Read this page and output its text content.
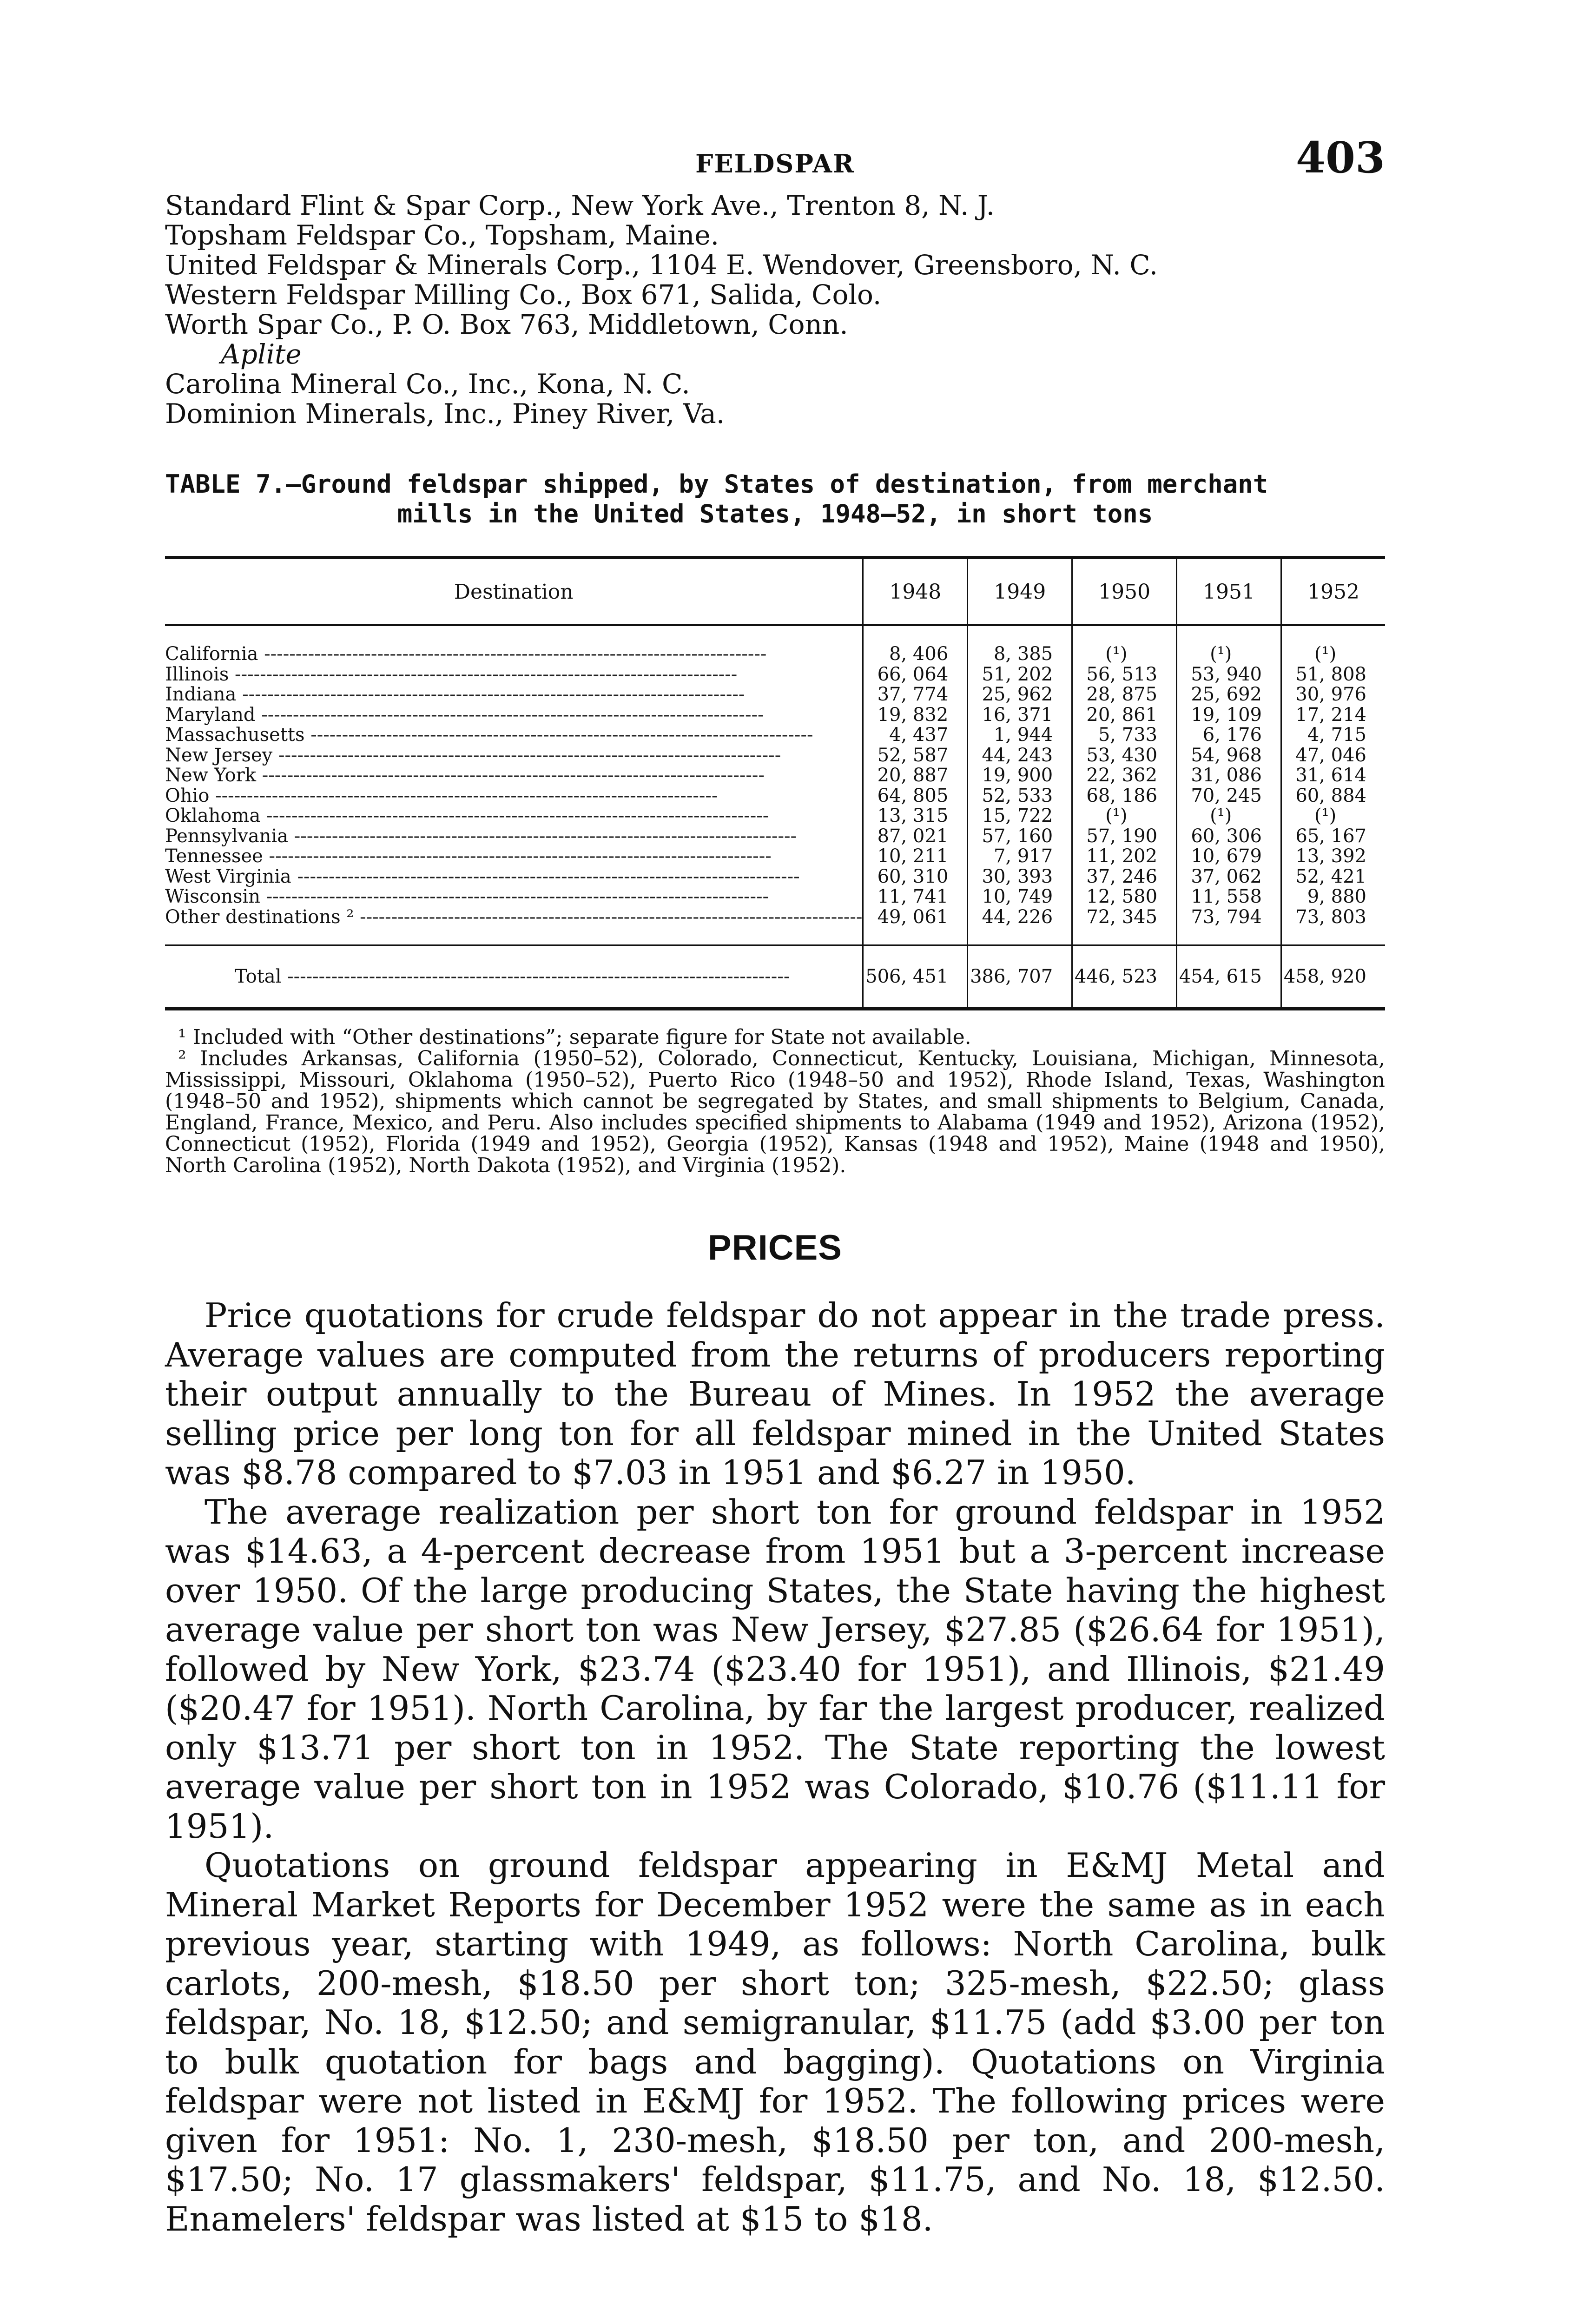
FELDSPAR	403
Standard Flint & Spar Corp., New York Ave., Trenton 8, N. J.
Topsham Feldspar Co., Topsham, Maine.
United Feldspar & Minerals Corp., 1104 E. Wendover, Greensboro, N. C.
Western Feldspar Milling Co., Box 671, Salida, Colo.
Worth Spar Co., P. O. Box 763, Middletown, Conn.
Aplite
Carolina Mineral Co., Inc., Kona, N. C.
Dominion Minerals, Inc., Piney River, Va.
TABLE 7.—Ground feldspar shipped, by States of destination, from merchant
mills in the United States, 1948–52, in short tons
Destination	1948	1949	1950	1951	1952
California --------------------------------------------------------------------------------	8, 406	8, 385	(¹)	(¹)	(¹)
Illinois --------------------------------------------------------------------------------	66, 064	51, 202	56, 513	53, 940	51, 808
Indiana --------------------------------------------------------------------------------	37, 774	25, 962	28, 875	25, 692	30, 976
Maryland --------------------------------------------------------------------------------	19, 832	16, 371	20, 861	19, 109	17, 214
Massachusetts --------------------------------------------------------------------------------	4, 437	1, 944	5, 733	6, 176	4, 715
New Jersey --------------------------------------------------------------------------------	52, 587	44, 243	53, 430	54, 968	47, 046
New York --------------------------------------------------------------------------------	20, 887	19, 900	22, 362	31, 086	31, 614
Ohio --------------------------------------------------------------------------------	64, 805	52, 533	68, 186	70, 245	60, 884
Oklahoma --------------------------------------------------------------------------------	13, 315	15, 722	(¹)	(¹)	(¹)
Pennsylvania --------------------------------------------------------------------------------	87, 021	57, 160	57, 190	60, 306	65, 167
Tennessee --------------------------------------------------------------------------------	10, 211	7, 917	11, 202	10, 679	13, 392
West Virginia --------------------------------------------------------------------------------	60, 310	30, 393	37, 246	37, 062	52, 421
Wisconsin --------------------------------------------------------------------------------	11, 741	10, 749	12, 580	11, 558	9, 880
Other destinations ² --------------------------------------------------------------------------------	49, 061	44, 226	72, 345	73, 794	73, 803
Total --------------------------------------------------------------------------------	506, 451	386, 707	446, 523	454, 615	458, 920
¹ Included with “Other destinations”; separate figure for State not available.
² Includes Arkansas, California (1950–52), Colorado, Connecticut, Kentucky, Louisiana, Michigan, Minnesota, Mississippi, Missouri, Oklahoma (1950–52), Puerto Rico (1948–50 and 1952), Rhode Island, Texas, Washington (1948–50 and 1952), shipments which cannot be segregated by States, and small shipments to Belgium, Canada, England, France, Mexico, and Peru. Also includes specified shipments to Alabama (1949 and 1952), Arizona (1952), Connecticut (1952), Florida (1949 and 1952), Georgia (1952), Kansas (1948 and 1952), Maine (1948 and 1950), North Carolina (1952), North Dakota (1952), and Virginia (1952).
PRICES

Price quotations for crude feldspar do not appear in the trade press. Average values are computed from the returns of producers reporting their output annually to the Bureau of Mines. In 1952 the average selling price per long ton for all feldspar mined in the United States was $8.78 compared to $7.03 in 1951 and $6.27 in 1950.

The average realization per short ton for ground feldspar in 1952 was $14.63, a 4-percent decrease from 1951 but a 3-percent increase over 1950. Of the large producing States, the State having the highest average value per short ton was New Jersey, $27.85 ($26.64 for 1951), followed by New York, $23.74 ($23.40 for 1951), and Illinois, $21.49 ($20.47 for 1951). North Carolina, by far the largest producer, realized only $13.71 per short ton in 1952. The State reporting the lowest average value per short ton in 1952 was Colorado, $10.76 ($11.11 for 1951).

Quotations on ground feldspar appearing in E&MJ Metal and Mineral Market Reports for December 1952 were the same as in each previous year, starting with 1949, as follows: North Carolina, bulk carlots, 200-mesh, $18.50 per short ton; 325-mesh, $22.50; glass feldspar, No. 18, $12.50; and semigranular, $11.75 (add $3.00 per ton to bulk quotation for bags and bagging). Quotations on Virginia feldspar were not listed in E&MJ for 1952. The following prices were given for 1951: No. 1, 230-mesh, $18.50 per ton, and 200-mesh, $17.50; No. 17 glassmakers' feldspar, $11.75, and No. 18, $12.50. Enamelers' feldspar was listed at $15 to $18.
